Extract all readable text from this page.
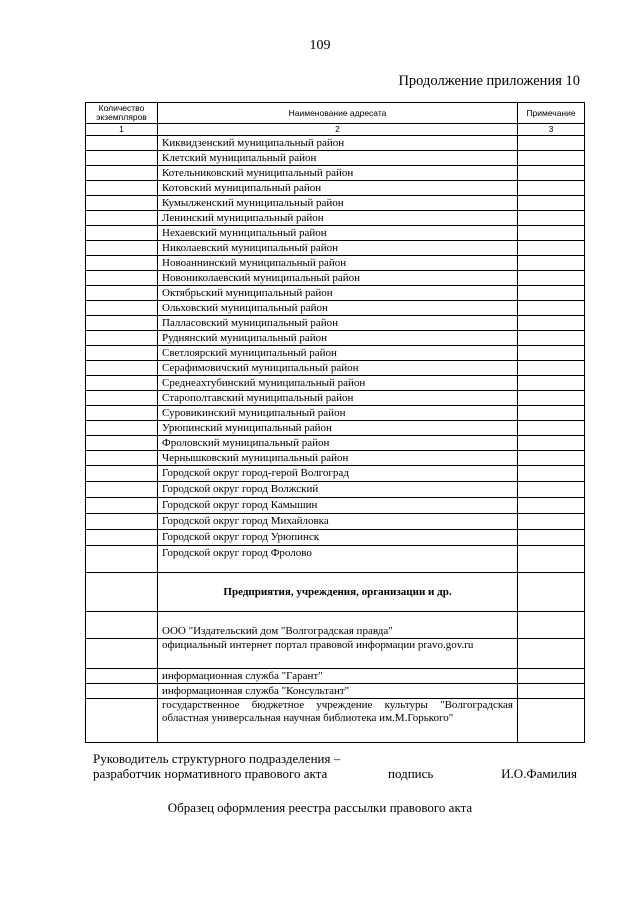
109
Продолжение приложения 10
Количество экземпляров	Наименование адресата	Примечание
1	2	3
	Киквидзенский муниципальный район	
	Клетский муниципальный район	
	Котельниковский муниципальный район	
	Котовский муниципальный район	
	Кумылженский муниципальный район	
	Ленинский муниципальный район	
	Нехаевский муниципальный район	
	Николаевский муниципальный район	
	Новоаннинский муниципальный район	
	Новониколаевский муниципальный район	
	Октябрьский муниципальный район	
	Ольховский муниципальный район	
	Палласовский муниципальный район	
	Руднянский муниципальный район	
	Светлоярский муниципальный район	
	Серафимовичский муниципальный район	
	Среднеахтубинский муниципальный район	
	Старополтавский муниципальный район	
	Суровикинский муниципальный район	
	Урюпинский муниципальный район	
	Фроловский муниципальный район	
	Чернышковский муниципальный район	
	Городской округ город-герой Волгоград	
	Городской округ город Волжский	
	Городской округ город Камышин	
	Городской округ город Михайловка	
	Городской округ город Урюпинск	
	Городской округ город Фролово	
	Предприятия, учреждения, организации и др.	
	ООО "Издательский дом "Волгоградская правда"	
	официальный интернет портал правовой информации pravo.gov.ru	
	информационная служба "Гарант"	
	информационная служба "Консультант"	
	государственное бюджетное учреждение культуры "Волгоградская областная универсальная научная библиотека им.М.Горького"	
Руководитель структурного подразделения –
разработчик нормативного правового акта	подпись	И.О.Фамилия
Образец оформления реестра рассылки правового акта
